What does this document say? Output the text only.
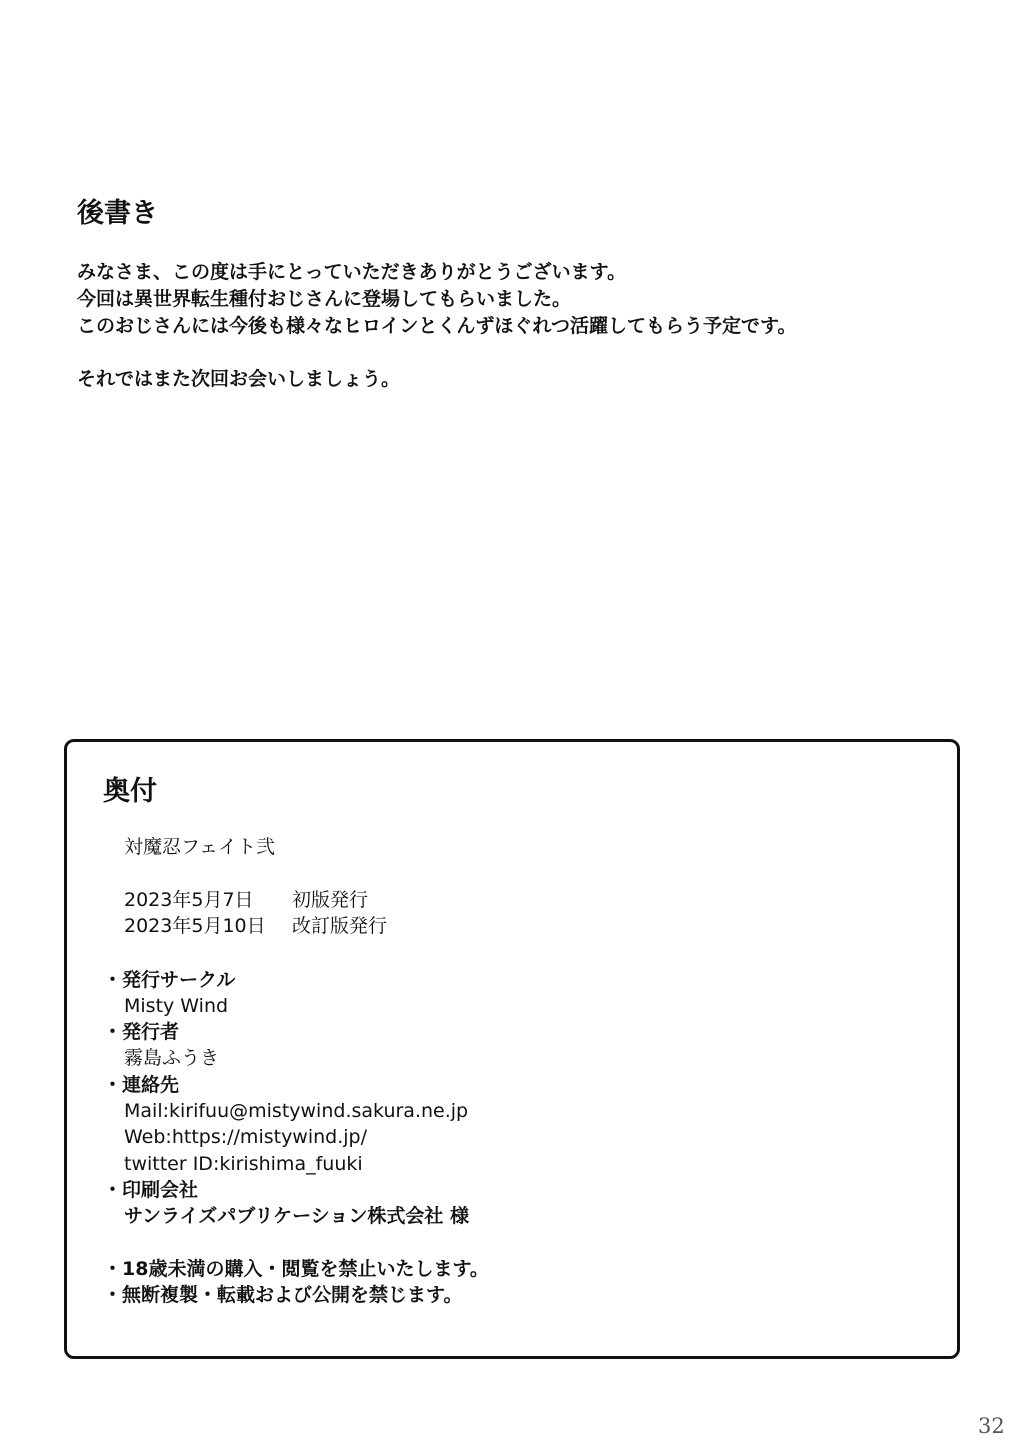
後書き
みなさま、この度は手にとっていただきありがとうございます。
今回は異世界転生種付おじさんに登場してもらいました。
このおじさんには今後も様々なヒロインとくんずほぐれつ活躍してもらう予定です。
それではまた次回お会いしましょう。
奥付
対魔忍フェイト弐
2023年5月7日 初版発行
2023年5月10日 改訂版発行
・発行サークル
Misty Wind
・発行者
霧島ふうき
・連絡先
Mail:kirifuu@mistywind.sakura.ne.jp
Web:https://mistywind.jp/
twitter ID:kirishima_fuuki
・印刷会社
サンライズパブリケーション株式会社 様
・18歳未満の購入・閲覧を禁止いたします。
・無断複製・転載および公開を禁じます。
32
